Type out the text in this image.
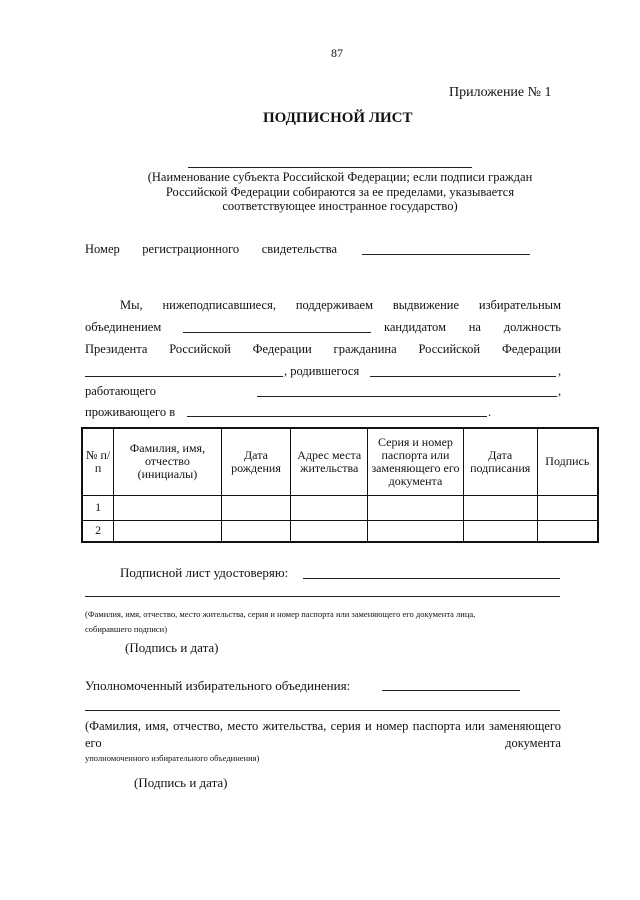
87
Приложение № 1
ПОДПИСНОЙ ЛИСТ
(Наименование субъекта Российской Федерации; если подписи граждан
Российской Федерации собираются за ее пределами, указывается
соответствующее иностранное государство)
Номер регистрационного свидетельства
Мы, нижеподписавшиеся, поддерживаем выдвижение избирательным
объединением	кандидатом на должность
Президента Российской Федерации гражданина Российской Федерации
, родившегося	,
работающего	,
проживающего в	.
№ п/п	Фамилия, имя, отчество (инициалы)	Дата рождения	Адрес места жительства	Серия и номер паспорта или заменяющего его документа	Дата подписания	Подпись
1						
2						
Подписной лист удостоверяю:
(Фамилия, имя, отчество, место жительства, серия и номер паспорта или заменяющего его документа лица,
собиравшего подписи)
(Подпись и дата)
Уполномоченный избирательного объединения:
(Фамилия, имя, отчество, место жительства, серия и номер паспорта или заменяющего его документа
уполномоченного избирательного объединения)
(Подпись и дата)
